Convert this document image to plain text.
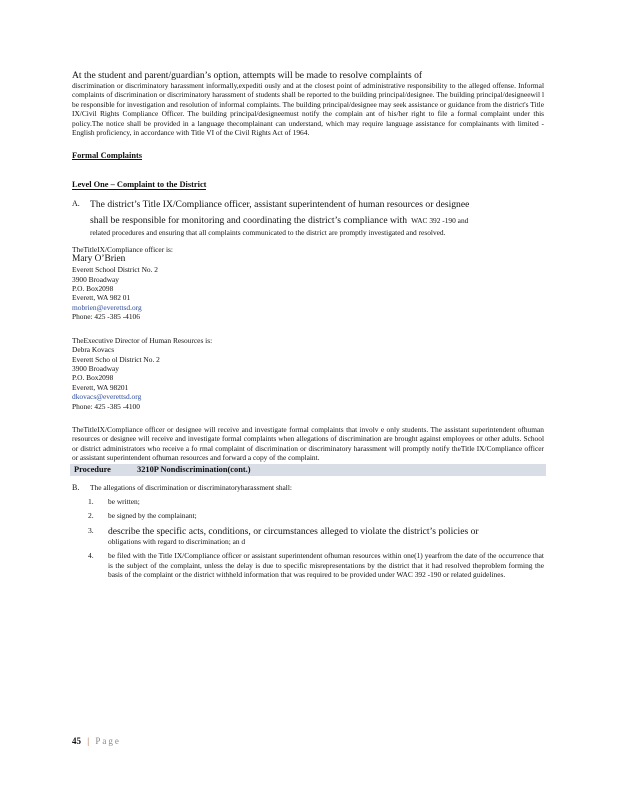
At the student and parent/guardian’s option, attempts will be made to resolve complaints of

discrimination or discriminatory harassment informally,expediti ously and at the closest point of administrative responsibility to the alleged offense. Informal complaints of discrimination or discriminatory harassment of students shall be reported to the building principal/designee. The building principal/designeewil l be responsible for investigation and resolution of informal complaints. The building principal/designee may seek assistance or guidance from the district's Title IX/Civil Rights Compliance Officer. The building principal/designeemust notify the complain ant of his/her right to file a formal complaint under this policy.The notice shall be provided in a language thecomplainant can understand, which may require language assistance for complainants with limited -English proficiency, in accordance with Title VI of the Civil Rights Act of 1964.

Formal Complaints

Level One – Complaint to the District

A.	The district’s Title IX/Compliance officer, assistant superintendent of human resources or designee

shall be responsible for monitoring and coordinating the district’s compliance with WAC 392 -190 and

related procedures and ensuring that all complaints communicated to the district are promptly investigated and resolved.

TheTitleIX/Compliance officer is:
Mary O’Brien
Everett School District No. 2
3900 Broadway
P.O. Box2098
Everett, WA 982 01
mobrien@everettsd.org
Phone: 425 -385 -4106
TheExecutive Director of Human Resources is:
Debra Kovacs
Everett Scho ol District No. 2
3900 Broadway
P.O. Box2098
Everett, WA 98201
dkovacs@everettsd.org
Phone: 425 -385 -4100

TheTitleIX/Compliance officer or designee will receive and investigate formal complaints that involv e only students. The assistant superintendent ofhuman resources or designee will receive and investigate formal complaints when allegations of discrimination are brought against employees or other adults. School or district administrators who receive a fo rmal complaint of discrimination or discriminatory harassment will promptly notify theTitle IX/Compliance officer or assistant superintendent ofhuman resources and forward a copy of the complaint.

Procedure	3210P Nondiscrimination(cont.)
B.	The allegations of discrimination or discriminatoryharassment shall:
1.	be written;
2.	be signed by the complainant;
3.	describe the specific acts, conditions, or circumstances alleged to violate the district’s policies or
obligations with regard to discrimination; an d
4.	be filed with the Title IX/Compliance officer or assistant superintendent ofhuman resources within one(1) yearfrom the date of the occurrence that is the subject of the complaint, unless the delay is due to specific misrepresentations by the district that it had resolved theproblem forming the basis of the complaint or the district withheld information that was required to be provided under WAC 392 -190 or related guidelines.
45 | Page
